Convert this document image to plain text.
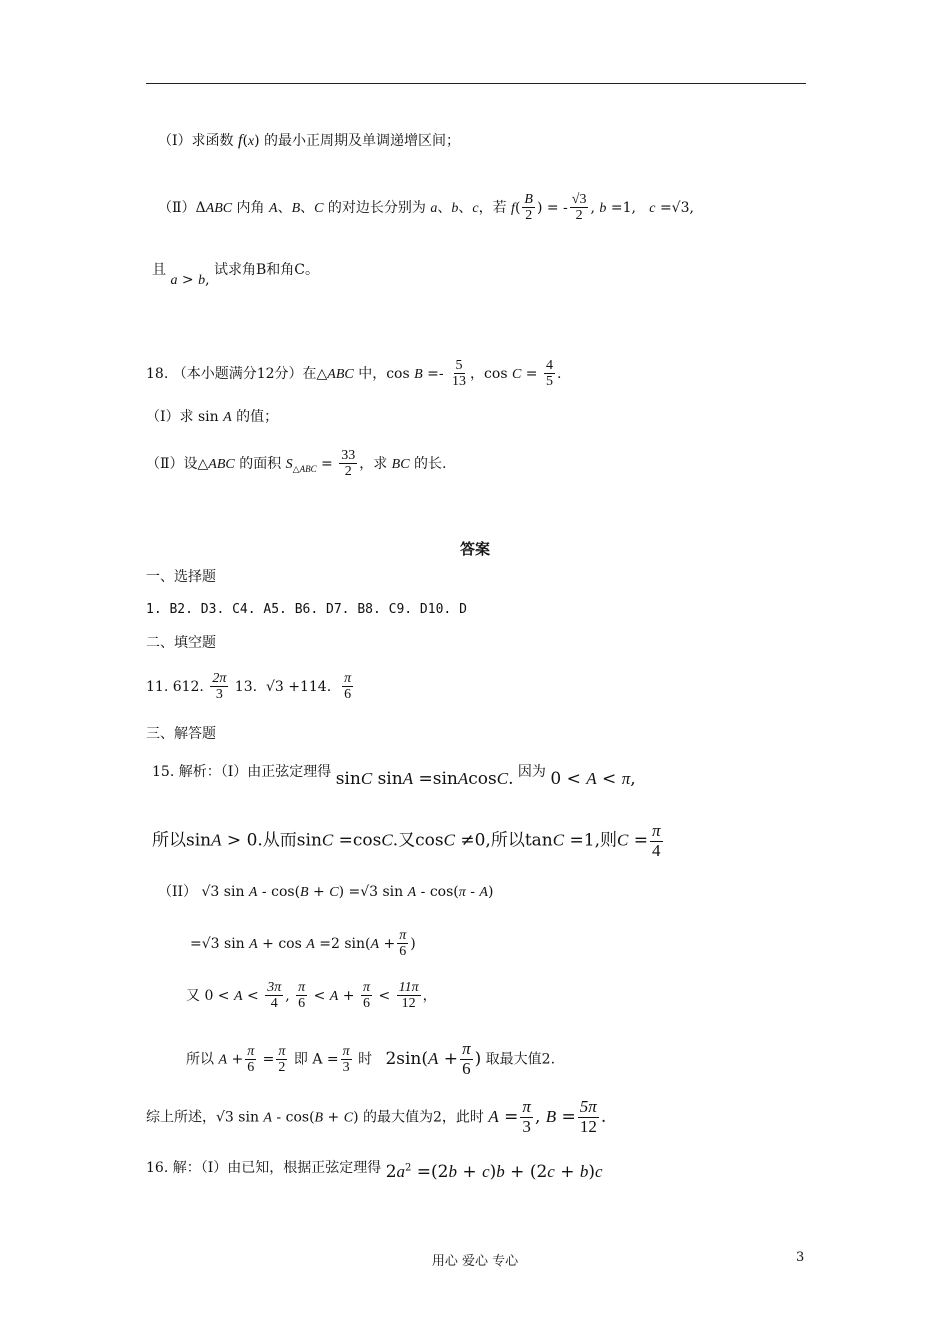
（Ⅰ）求函数 f(x) 的最小正周期及单调递增区间；
（Ⅱ）ΔABC 内角 A、B、C 的对边长分别为 a、b、c，若 $f( \frac{B}{2}$ ) = - $\frac{√3}{2}$ , b =1,   c =√3,
且 a > b, 试求角B和角C。
18. （本小题满分12分）在△ABC 中，$\cos B =- \frac{5}{13}$ ，$\cos C = \frac{4}{5}$ .
（Ⅰ）求 sin A 的值；
（Ⅱ）设△ABC 的面积 $S_{\triangle ABC} = \frac{33}{2}$ ，求 BC 的长.
答案
一、选择题
1. B2. D3. C4. A5. B6. D7. B8. C9. D10. D
二、填空题
11. 612. $\frac{2\pi}{3} 13$.  √3 +114. $\frac{\pi}{6}$
三、解答题
15. 解析：（Ⅰ）由正弦定理得 sinC sinA =sinAcosC. 因为 0 < A < π,
所以sinA > 0.从而sinC =cosC.又cosC ≠0,所以tanC =1,则$C = \frac{\pi}{4}$
（II） √3 sin A - cos(B + C) =√3 sin A - cos(π - A)
=√3 sin A + cos A =2 $\sin(A + \frac{\pi}{6}$ )
又 $0 < A < \frac{3\pi}{4}$ , $\frac{\pi}{6} < A + \frac{\pi}{6} < \frac{11\pi}{12}$ ，
所以 $A + \frac{\pi}{6} = \frac{\pi}{2}$ 即 $A = \frac{\pi}{3}$ 时   $2\sin(A + \frac{\pi}{6}$ ) 取最大值2.
综上所述，√3 sin A - cos(B + C) 的最大值为2，此时 $A = \frac{\pi}{3}$ , $B = \frac{5\pi}{12}$ .
16. 解：（Ⅰ）由已知，根据正弦定理得 $2a^2 =(2b + c)b + (2c + b)c$
用心 爱心 专心	3
